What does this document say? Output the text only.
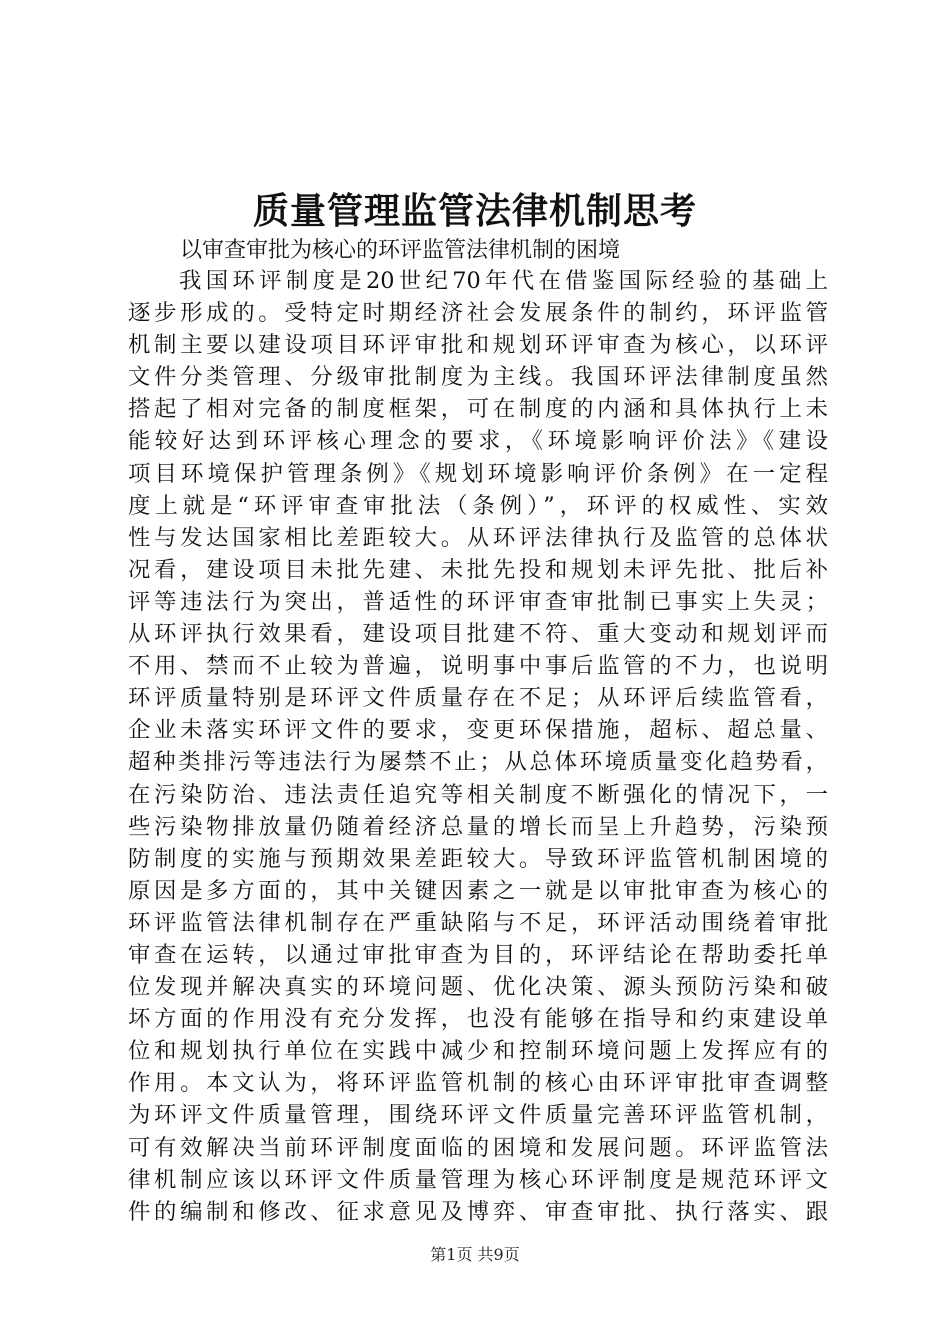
质量管理监管法律机制思考

以审查审批为核心的环评监管法律机制的困境

我国环评制度是20世纪70年代在借鉴国际经验的基础上
逐步形成的。受特定时期经济社会发展条件的制约，环评监管
机制主要以建设项目环评审批和规划环评审查为核心，以环评
文件分类管理、分级审批制度为主线。我国环评法律制度虽然
搭起了相对完备的制度框架，可在制度的内涵和具体执行上未
能较好达到环评核心理念的要求，《环境影响评价法》《建设
项目环境保护管理条例》《规划环境影响评价条例》在一定程
度上就是“环评审查审批法（条例）”，环评的权威性、实效
性与发达国家相比差距较大。从环评法律执行及监管的总体状
况看，建设项目未批先建、未批先投和规划未评先批、批后补
评等违法行为突出，普适性的环评审查审批制已事实上失灵；
从环评执行效果看，建设项目批建不符、重大变动和规划评而
不用、禁而不止较为普遍，说明事中事后监管的不力，也说明
环评质量特别是环评文件质量存在不足；从环评后续监管看，
企业未落实环评文件的要求，变更环保措施，超标、超总量、
超种类排污等违法行为屡禁不止；从总体环境质量变化趋势看，
在污染防治、违法责任追究等相关制度不断强化的情况下，一
些污染物排放量仍随着经济总量的增长而呈上升趋势，污染预
防制度的实施与预期效果差距较大。导致环评监管机制困境的
原因是多方面的，其中关键因素之一就是以审批审查为核心的
环评监管法律机制存在严重缺陷与不足，环评活动围绕着审批
审查在运转，以通过审批审查为目的，环评结论在帮助委托单
位发现并解决真实的环境问题、优化决策、源头预防污染和破
坏方面的作用没有充分发挥，也没有能够在指导和约束建设单
位和规划执行单位在实践中减少和控制环境问题上发挥应有的
作用。本文认为，将环评监管机制的核心由环评审批审查调整
为环评文件质量管理，围绕环评文件质量完善环评监管机制，
可有效解决当前环评制度面临的困境和发展问题。环评监管法
律机制应该以环评文件质量管理为核心环评制度是规范环评文
件的编制和修改、征求意见及博弈、审查审批、执行落实、跟
第1页 共9页
